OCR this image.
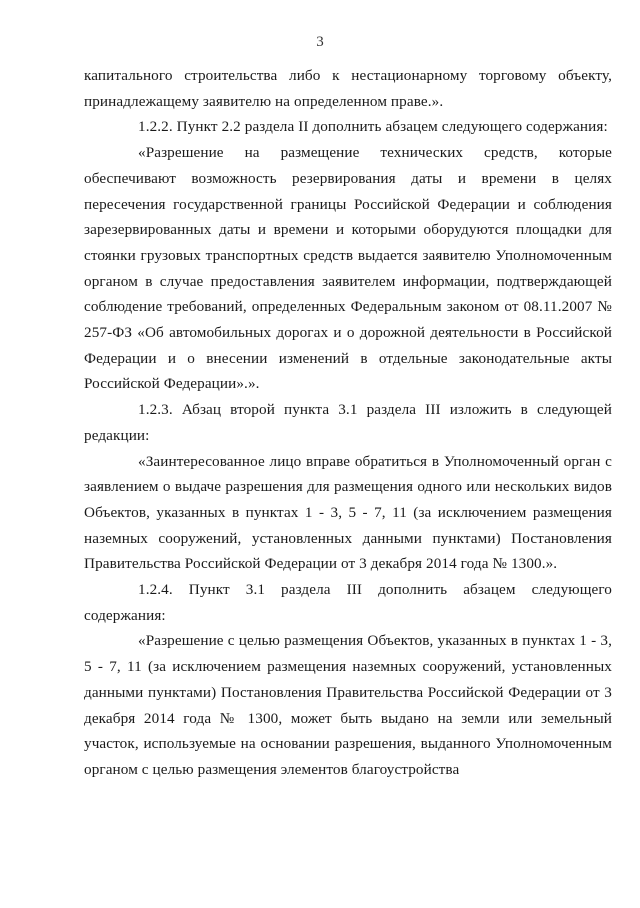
3

капитального строительства либо к нестационарному торговому объекту, принадлежащему заявителю на определенном праве.».

1.2.2. Пункт 2.2 раздела II дополнить абзацем следующего содержания:

«Разрешение на размещение технических средств, которые обеспечивают возможность резервирования даты и времени в целях пересечения государственной границы Российской Федерации и соблюдения зарезервированных даты и времени и которыми оборудуются площадки для стоянки грузовых транспортных средств выдается заявителю Уполномоченным органом в случае предоставления заявителем информации, подтверждающей соблюдение требований, определенных Федеральным законом от 08.11.2007 № 257-ФЗ «Об автомобильных дорогах и о дорожной деятельности в Российской Федерации и о внесении изменений в отдельные законодательные акты Российской Федерации».».

1.2.3. Абзац второй пункта 3.1 раздела III изложить в следующей редакции:

«Заинтересованное лицо вправе обратиться в Уполномоченный орган с заявлением о выдаче разрешения для размещения одного или нескольких видов Объектов, указанных в пунктах 1 - 3, 5 - 7, 11 (за исключением размещения наземных сооружений, установленных данными пунктами) Постановления Правительства Российской Федерации от 3 декабря 2014 года № 1300.».

1.2.4. Пункт 3.1 раздела III дополнить абзацем следующего содержания:

«Разрешение с целью размещения Объектов, указанных в пунктах 1 - 3, 5 - 7, 11 (за исключением размещения наземных сооружений, установленных данными пунктами) Постановления Правительства Российской Федерации от 3 декабря 2014 года № 1300, может быть выдано на земли или земельный участок, используемые на основании разрешения, выданного Уполномоченным органом с целью размещения элементов благоустройства
